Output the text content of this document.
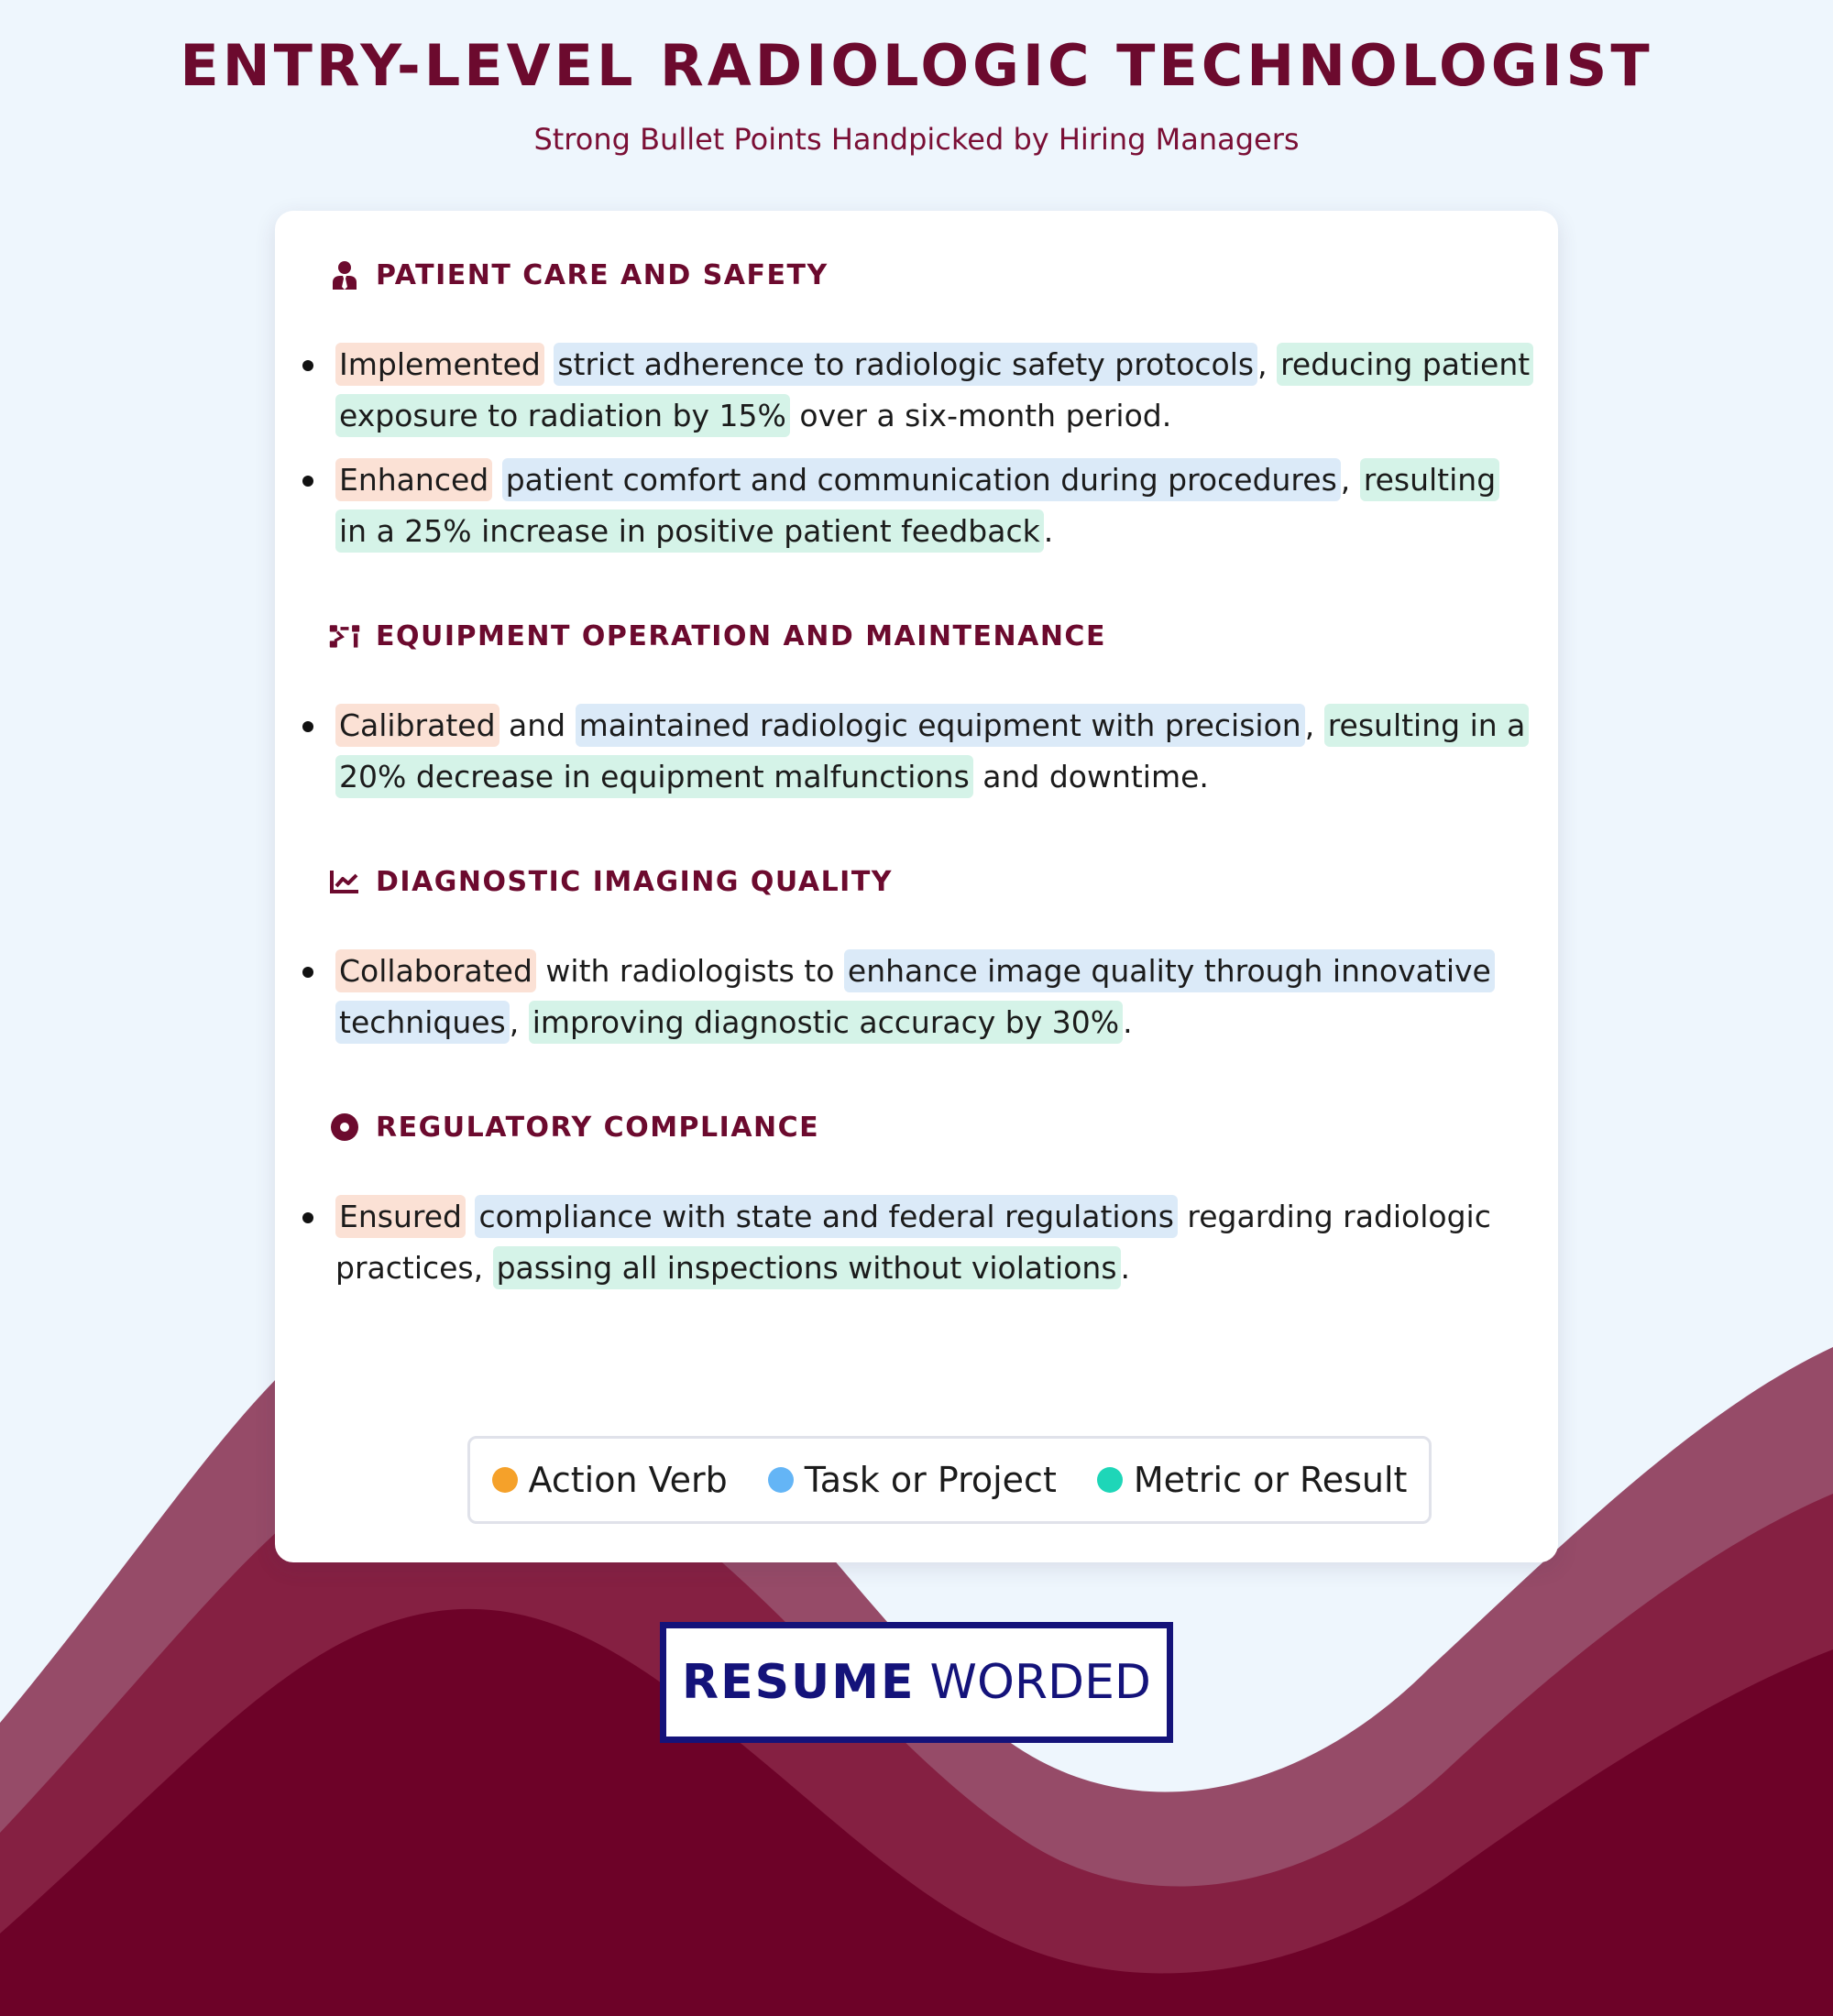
ENTRY-LEVEL RADIOLOGIC TECHNOLOGIST
Strong Bullet Points Handpicked by Hiring Managers
PATIENT CARE AND SAFETY
Implemented strict adherence to radiologic safety protocols , reducing patient exposure to radiation by 15% over a six-month period.
Enhanced patient comfort and communication during procedures , resulting in a 25% increase in positive patient feedback .
EQUIPMENT OPERATION AND MAINTENANCE
Calibrated and maintained radiologic equipment with precision , resulting in a 20% decrease in equipment malfunctions and downtime.
DIAGNOSTIC IMAGING QUALITY
Collaborated with radiologists to enhance image quality through innovative techniques , improving diagnostic accuracy by 30% .
REGULATORY COMPLIANCE
Ensured compliance with state and federal regulations regarding radiologic practices, passing all inspections without violations .
Action Verb Task or Project Metric or Result
RESUME WORDED
